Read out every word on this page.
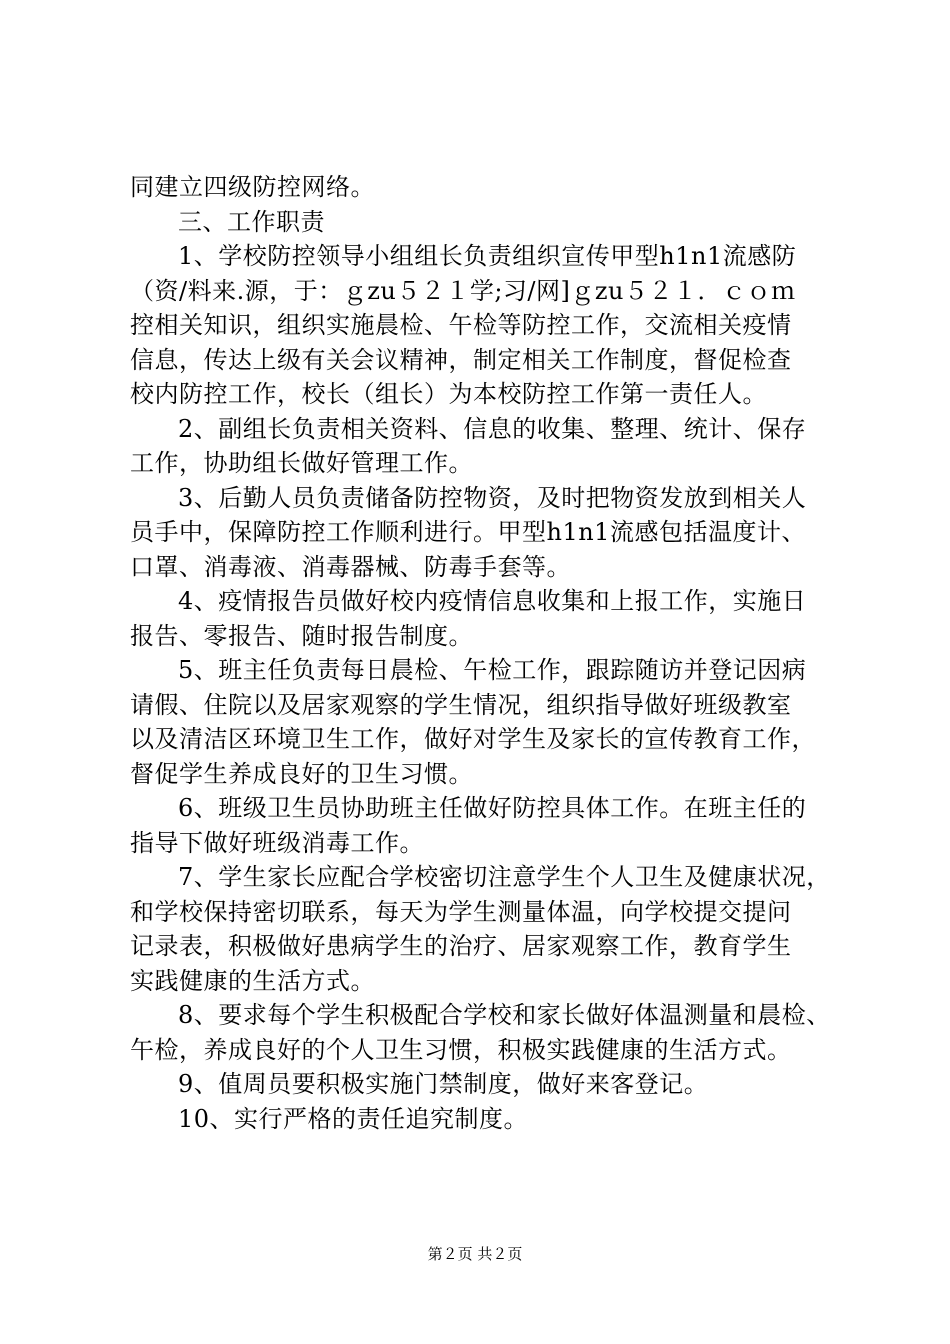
同建立四级防控网络。
三、工作职责
1、学校防控领导小组组长负责组织宣传甲型h1n1流感防
（资/料来.源，于：ｇzu５２１学;习/网]ｇzu５２１．ｃｏｍ
控相关知识，组织实施晨检、午检等防控工作，交流相关疫情
信息，传达上级有关会议精神，制定相关工作制度，督促检查
校内防控工作，校长（组长）为本校防控工作第一责任人。
2、副组长负责相关资料、信息的收集、整理、统计、保存
工作，协助组长做好管理工作。
3、后勤人员负责储备防控物资，及时把物资发放到相关人
员手中，保障防控工作顺利进行。甲型h1n1流感包括温度计、
口罩、消毒液、消毒器械、防毒手套等。
4、疫情报告员做好校内疫情信息收集和上报工作，实施日
报告、零报告、随时报告制度。
5、班主任负责每日晨检、午检工作，跟踪随访并登记因病
请假、住院以及居家观察的学生情况，组织指导做好班级教室
以及清洁区环境卫生工作，做好对学生及家长的宣传教育工作，
督促学生养成良好的卫生习惯。
6、班级卫生员协助班主任做好防控具体工作。在班主任的
指导下做好班级消毒工作。
7、学生家长应配合学校密切注意学生个人卫生及健康状况，
和学校保持密切联系，每天为学生测量体温，向学校提交提问
记录表，积极做好患病学生的治疗、居家观察工作，教育学生
实践健康的生活方式。
8、要求每个学生积极配合学校和家长做好体温测量和晨检、
午检，养成良好的个人卫生习惯，积极实践健康的生活方式。
9、值周员要积极实施门禁制度，做好来客登记。
10、实行严格的责任追究制度。
第２页 共２页
